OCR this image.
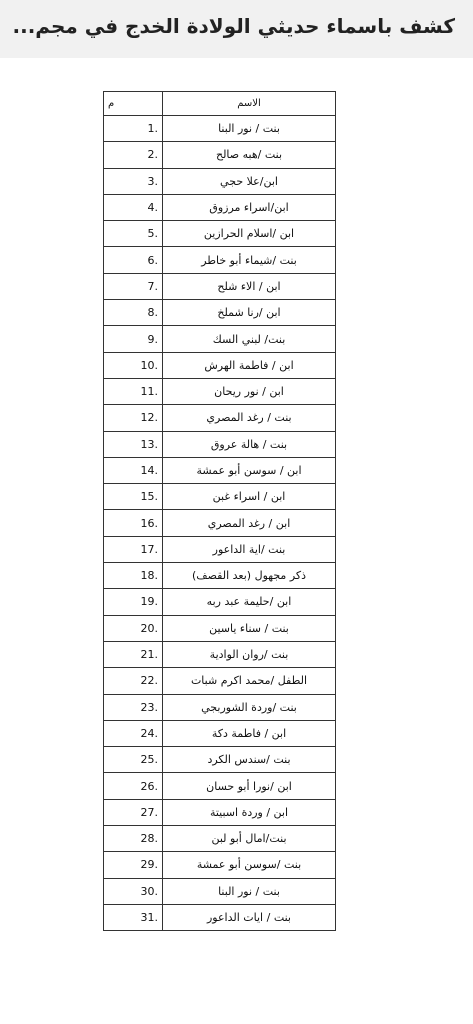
كشف باسماء حديثي الولادة الخدج في مجم...
م	الاسم
1.	بنت / نور البنا
2.	بنت /هبه صالح
3.	ابن/علا حجي
4.	ابن/اسراء مرزوق
5.	ابن /اسلام الحرازين
6.	بنت /شيماء أبو خاطر
7.	ابن / الاء شلح
8.	ابن /رنا شملخ
9.	بنت/ لبني السك
10.	ابن / فاطمة الهرش
11.	ابن / نور ريحان
12.	بنت / رغد المصري
13.	بنت / هالة عروق
14.	ابن / سوسن أبو عمشة
15.	ابن / اسراء غبن
16.	ابن / رغد المصري
17.	بنت /اية الداعور
18.	ذكر مجهول (بعد القصف)
19.	ابن /حليمة عبد ربه
20.	بنت / سناء ياسين
21.	بنت /روان الوادية
22.	الطفل /محمد اكرم شبات
23.	بنت /وردة الشوربجي
24.	ابن / فاطمة دكة
25.	بنت /سندس الكرد
26.	ابن /نورا أبو حسان
27.	ابن / وردة اسبيتة
28.	بنت/امال أبو لبن
29.	بنت /سوسن أبو عمشة
30.	بنت / نور البنا
31.	بنت / ايات الداعور
